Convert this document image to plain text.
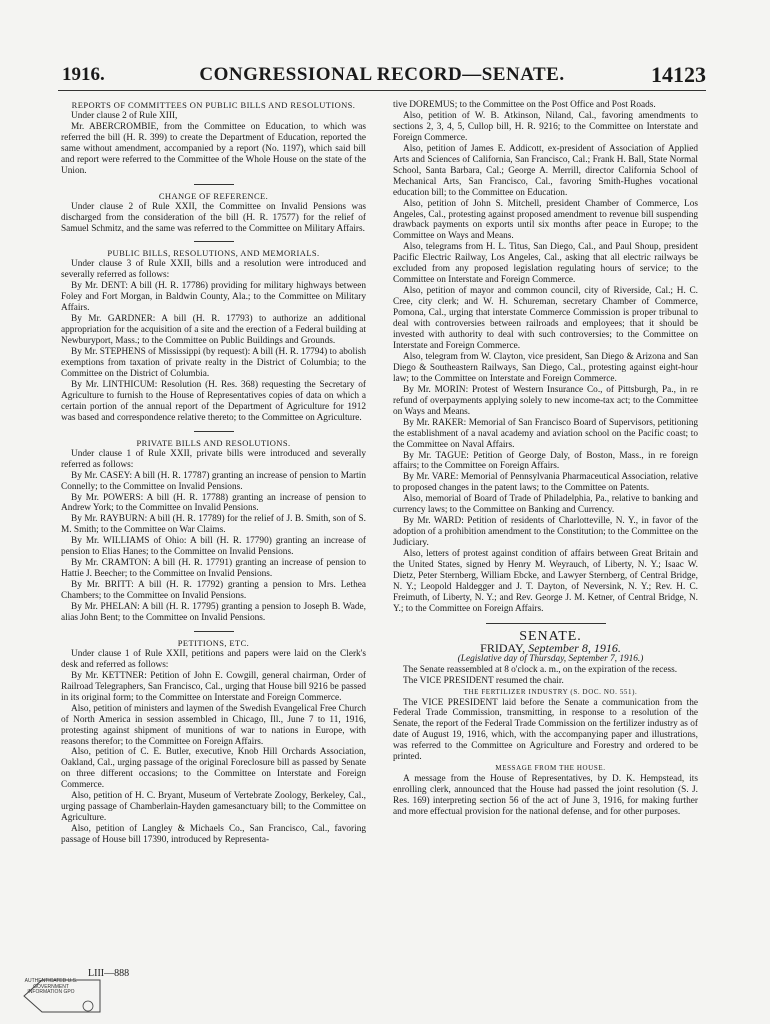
1916.	CONGRESSIONAL RECORD—SENATE.	14123

REPORTS OF COMMITTEES ON PUBLIC BILLS AND RESOLUTIONS.

Under clause 2 of Rule XIII,

Mr. ABERCROMBIE, from the Committee on Education, to which was referred the bill (H. R. 399) to create the Department of Education, reported the same without amendment, accompanied by a report (No. 1197), which said bill and report were referred to the Committee of the Whole House on the state of the Union.

CHANGE OF REFERENCE.

Under clause 2 of Rule XXII, the Committee on Invalid Pensions was discharged from the consideration of the bill (H. R. 17577) for the relief of Samuel Schmitz, and the same was referred to the Committee on Military Affairs.

PUBLIC BILLS, RESOLUTIONS, AND MEMORIALS.

Under clause 3 of Rule XXII, bills and a resolution were introduced and severally referred as follows:

By Mr. DENT: A bill (H. R. 17786) providing for military highways between Foley and Fort Morgan, in Baldwin County, Ala.; to the Committee on Military Affairs.

By Mr. GARDNER: A bill (H. R. 17793) to authorize an additional appropriation for the acquisition of a site and the erection of a Federal building at Newburyport, Mass.; to the Committee on Public Buildings and Grounds.

By Mr. STEPHENS of Mississippi (by request): A bill (H. R. 17794) to abolish exemptions from taxation of private realty in the District of Columbia; to the Committee on the District of Columbia.

By Mr. LINTHICUM: Resolution (H. Res. 368) requesting the Secretary of Agriculture to furnish to the House of Representatives copies of data on which a certain portion of the annual report of the Department of Agriculture for 1912 was based and correspondence relative thereto; to the Committee on Agriculture.

PRIVATE BILLS AND RESOLUTIONS.

Under clause 1 of Rule XXII, private bills were introduced and severally referred as follows:

By Mr. CASEY: A bill (H. R. 17787) granting an increase of pension to Martin Connelly; to the Committee on Invalid Pensions.

By Mr. POWERS: A bill (H. R. 17788) granting an increase of pension to Andrew York; to the Committee on Invalid Pensions.

By Mr. RAYBURN: A bill (H. R. 17789) for the relief of J. B. Smith, son of S. M. Smith; to the Committee on War Claims.

By Mr. WILLIAMS of Ohio: A bill (H. R. 17790) granting an increase of pension to Elias Hanes; to the Committee on Invalid Pensions.

By Mr. CRAMTON: A bill (H. R. 17791) granting an increase of pension to Hattie J. Beecher; to the Committee on Invalid Pensions.

By Mr. BRITT: A bill (H. R. 17792) granting a pension to Mrs. Lethea Chambers; to the Committee on Invalid Pensions.

By Mr. PHELAN: A bill (H. R. 17795) granting a pension to Joseph B. Wade, alias John Bent; to the Committee on Invalid Pensions.

PETITIONS, ETC.

Under clause 1 of Rule XXII, petitions and papers were laid on the Clerk's desk and referred as follows:

By Mr. KETTNER: Petition of John E. Cowgill, general chairman, Order of Railroad Telegraphers, San Francisco, Cal., urging that House bill 9216 be passed in its original form; to the Committee on Interstate and Foreign Commerce.

Also, petition of ministers and laymen of the Swedish Evangelical Free Church of North America in session assembled in Chicago, Ill., June 7 to 11, 1916, protesting against shipment of munitions of war to nations in Europe, with reasons therefor; to the Committee on Foreign Affairs.

Also, petition of C. E. Butler, executive, Knob Hill Orchards Association, Oakland, Cal., urging passage of the original Foreclosure bill as passed by Senate on three different occasions; to the Committee on Interstate and Foreign Commerce.

Also, petition of H. C. Bryant, Museum of Vertebrate Zoology, Berkeley, Cal., urging passage of Chamberlain-Hayden gamesanctuary bill; to the Committee on Agriculture.

Also, petition of Langley & Michaels Co., San Francisco, Cal., favoring passage of House bill 17390, introduced by Representa-

tive DOREMUS; to the Committee on the Post Office and Post Roads.

Also, petition of W. B. Atkinson, Niland, Cal., favoring amendments to sections 2, 3, 4, 5, Cullop bill, H. R. 9216; to the Committee on Interstate and Foreign Commerce.

Also, petition of James E. Addicott, ex-president of Association of Applied Arts and Sciences of California, San Francisco, Cal.; Frank H. Ball, State Normal School, Santa Barbara, Cal.; George A. Merrill, director California School of Mechanical Arts, San Francisco, Cal., favoring Smith-Hughes vocational education bill; to the Committee on Education.

Also, petition of John S. Mitchell, president Chamber of Commerce, Los Angeles, Cal., protesting against proposed amendment to revenue bill suspending drawback payments on exports until six months after peace in Europe; to the Committee on Ways and Means.

Also, telegrams from H. L. Titus, San Diego, Cal., and Paul Shoup, president Pacific Electric Railway, Los Angeles, Cal., asking that all electric railways be excluded from any proposed legislation regulating hours of service; to the Committee on Interstate and Foreign Commerce.

Also, petition of mayor and common council, city of Riverside, Cal.; H. C. Cree, city clerk; and W. H. Schureman, secretary Chamber of Commerce, Pomona, Cal., urging that interstate Commerce Commission is proper tribunal to deal with controversies between railroads and employees; that it should be invested with authority to deal with such controversies; to the Committee on Interstate and Foreign Commerce.

Also, telegram from W. Clayton, vice president, San Diego & Arizona and San Diego & Southeastern Railways, San Diego, Cal., protesting against eight-hour law; to the Committee on Interstate and Foreign Commerce.

By Mr. MORIN: Protest of Western Insurance Co., of Pittsburgh, Pa., in re refund of overpayments applying solely to new income-tax act; to the Committee on Ways and Means.

By Mr. RAKER: Memorial of San Francisco Board of Supervisors, petitioning the establishment of a naval academy and aviation school on the Pacific coast; to the Committee on Naval Affairs.

By Mr. TAGUE: Petition of George Daly, of Boston, Mass., in re foreign affairs; to the Committee on Foreign Affairs.

By Mr. VARE: Memorial of Pennsylvania Pharmaceutical Association, relative to proposed changes in the patent laws; to the Committee on Patents.

Also, memorial of Board of Trade of Philadelphia, Pa., relative to banking and currency laws; to the Committee on Banking and Currency.

By Mr. WARD: Petition of residents of Charlotteville, N. Y., in favor of the adoption of a prohibition amendment to the Constitution; to the Committee on the Judiciary.

Also, letters of protest against condition of affairs between Great Britain and the United States, signed by Henry M. Weyrauch, of Liberty, N. Y.; Isaac W. Dietz, Peter Sternberg, William Ebcke, and Lawyer Sternberg, of Central Bridge, N. Y.; Leopold Haldegger and J. T. Dayton, of Neversink, N. Y.; Rev. H. C. Freimuth, of Liberty, N. Y.; and Rev. George J. M. Ketner, of Central Bridge, N. Y.; to the Committee on Foreign Affairs.

SENATE.

FRIDAY, September 8, 1916.

(Legislative day of Thursday, September 7, 1916.)

The Senate reassembled at 8 o'clock a. m., on the expiration of the recess.

The VICE PRESIDENT resumed the chair.

THE FERTILIZER INDUSTRY (S. DOC. NO. 551).

The VICE PRESIDENT laid before the Senate a communication from the Federal Trade Commission, transmitting, in response to a resolution of the Senate, the report of the Federal Trade Commission on the fertilizer industry as of date of August 19, 1916, which, with the accompanying paper and illustrations, was referred to the Committee on Agriculture and Forestry and ordered to be printed.

MESSAGE FROM THE HOUSE.

A message from the House of Representatives, by D. K. Hempstead, its enrolling clerk, announced that the House had passed the joint resolution (S. J. Res. 169) interpreting section 56 of the act of June 3, 1916, for making further and more effectual provision for the national defense, and for other purposes.

LIII—888
AUTHENTICATED U.S. GOVERNMENT INFORMATION GPO
